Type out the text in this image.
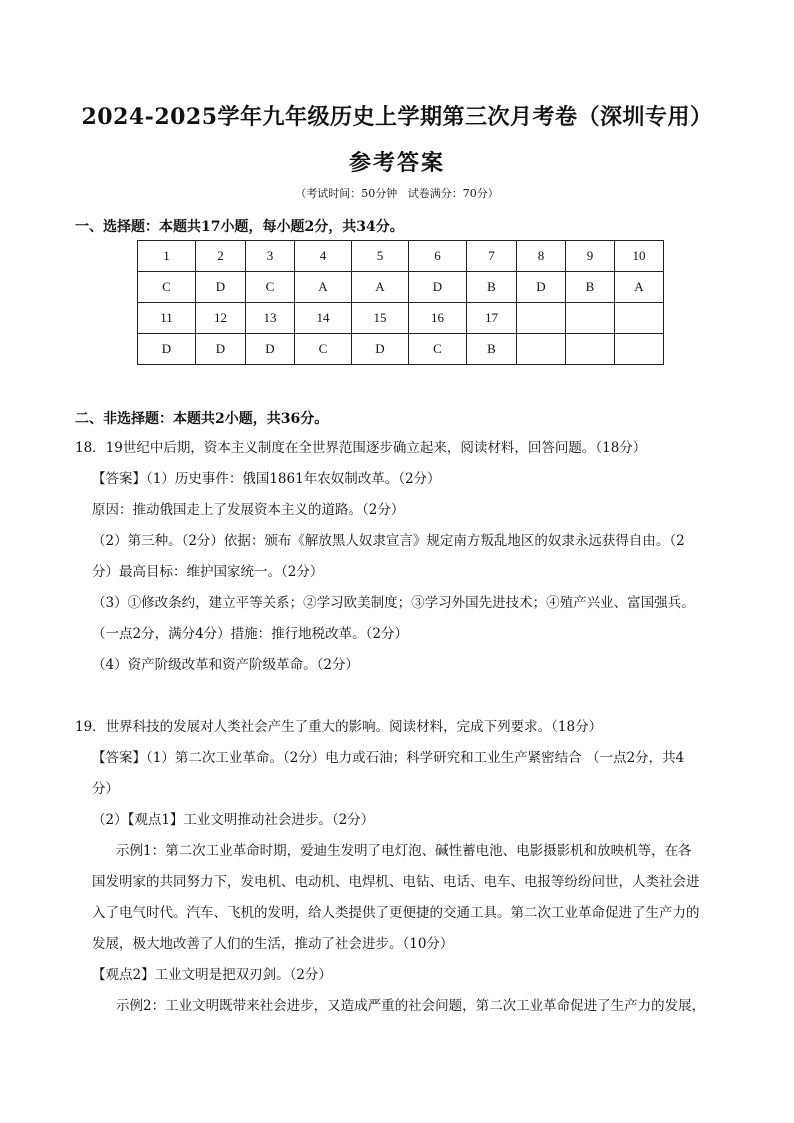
2024-2025学年九年级历史上学期第三次月考卷（深圳专用）
参考答案
（考试时间：50分钟   试卷满分：70分）
一、选择题：本题共17小题，每小题2分，共34分。
1	2	3	4	5	6	7	8	9	10
C	D	C	A	A	D	B	D	B	A
11	12	13	14	15	16	17			
D	D	D	C	D	C	B			
二、非选择题：本题共2小题，共36分。
18．19世纪中后期，资本主义制度在全世界范围逐步确立起来，阅读材料，回答问题。（18分）
【答案】（1）历史事件：俄国1861年农奴制改革。（2分）
原因：推动俄国走上了发展资本主义的道路。（2分）
（2）第三种。（2分）依据：颁布《解放黑人奴隶宣言》规定南方叛乱地区的奴隶永远获得自由。（2
分）最高目标：维护国家统一。（2分）
（3）①修改条约，建立平等关系；②学习欧美制度；③学习外国先进技术；④殖产兴业、富国强兵。
（一点2分，满分4分）措施：推行地税改革。（2分）
（4）资产阶级改革和资产阶级革命。（2分）
19．世界科技的发展对人类社会产生了重大的影响。阅读材料，完成下列要求。（18分）
【答案】（1）第二次工业革命。（2分）电力或石油；科学研究和工业生产紧密结合 （一点2分，共4
分）
（2）【观点1】工业文明推动社会进步。（2分）
示例1：第二次工业革命时期，爱迪生发明了电灯泡、碱性蓄电池、电影摄影机和放映机等，在各
国发明家的共同努力下，发电机、电动机、电焊机、电钻、电话、电车、电报等纷纷问世，人类社会进
入了电气时代。汽车、飞机的发明，给人类提供了更便捷的交通工具。第二次工业革命促进了生产力的
发展，极大地改善了人们的生活，推动了社会进步。（10分）
【观点2】工业文明是把双刃剑。（2分）
示例2：工业文明既带来社会进步，又造成严重的社会问题，第二次工业革命促进了生产力的发展，
